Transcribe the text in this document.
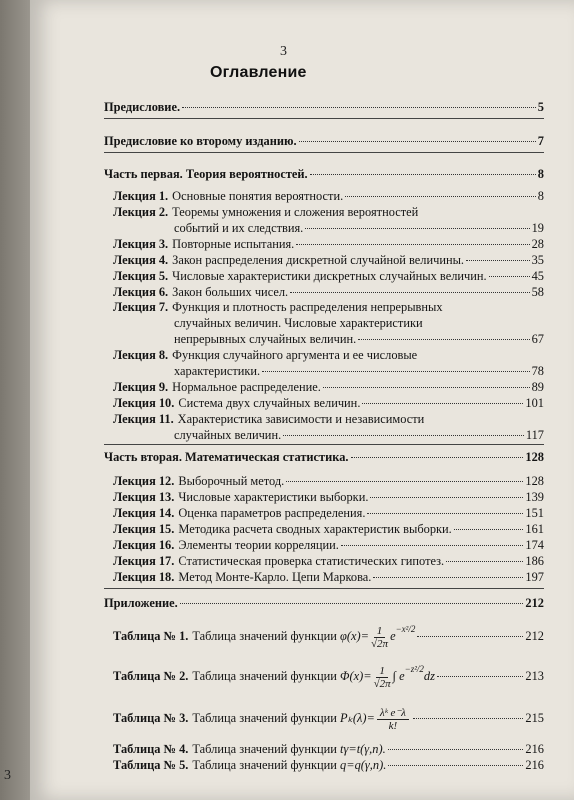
3
3
Оглавление
Предисловие.	5
Предисловие ко второму изданию.	7
Часть первая. Теория вероятностей.	8
Лекция 1. Основные понятия вероятности.	8
Лекция 2. Теоремы умножения и сложения вероятностей
событий и их следствия.	19
Лекция 3. Повторные испытания.	28
Лекция 4. Закон распределения дискретной случайной величины.	35
Лекция 5. Числовые характеристики дискретных случайных величин.	45
Лекция 6. Закон больших чисел.	58
Лекция 7. Функция и плотность распределения непрерывных
случайных величин. Числовые характеристики
непрерывных случайных величин.	67
Лекция 8. Функция случайного аргумента и ее числовые
характеристики.	78
Лекция 9. Нормальное распределение.	89
Лекция 10. Система двух случайных величин.	101
Лекция 11. Характеристика зависимости и независимости
случайных величин.	117
Часть вторая. Математическая статистика.	128
Лекция 12. Выборочный метод.	128
Лекция 13. Числовые характеристики выборки.	139
Лекция 14. Оценка параметров распределения.	151
Лекция 15. Методика расчета сводных характеристик выборки.	161
Лекция 16. Элементы теории корреляции.	174
Лекция 17. Статистическая проверка статистических гипотез.	186
Лекция 18. Метод Монте-Карло. Цепи Маркова.	197
Приложение.	212
Таблица № 1. Таблица значений функции $\varphi(x)= \frac{1}{√2\pi} e^{-x^2/2}$	212
Таблица № 2. Таблица значений функции $\Phi(x)= \frac{1}{√2\pi}$ ∫ $e^{-z^2/2}dz$	213
Таблица № 3. Таблица значений функции $P_k(\lambda)= \frac{\text{λᵏ e⁻λ}}{k!}$	215
Таблица № 4. Таблица значений функции tγ=t(γ,n).	216
Таблица № 5. Таблица значений функции q=q(γ,n).	216
